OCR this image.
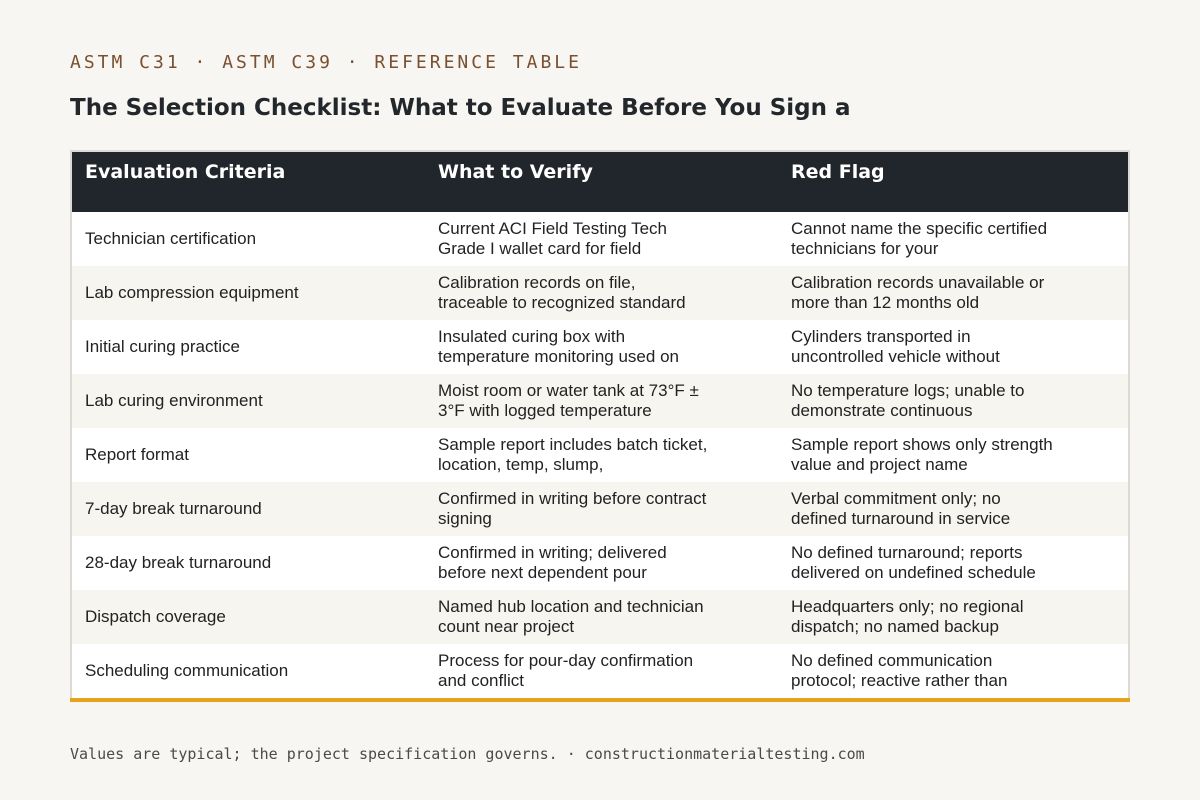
ASTM C31 · ASTM C39 · REFERENCE TABLE
The Selection Checklist: What to Evaluate Before You Sign a
Evaluation Criteria	What to Verify	Red Flag

Technician certification	Current ACI Field Testing Tech Grade I wallet card for field	Cannot name the specific certified technicians for your

Lab compression equipment	Calibration records on file, traceable to recognized standard	Calibration records unavailable or more than 12 months old

Initial curing practice	Insulated curing box with temperature monitoring used on	Cylinders transported in uncontrolled vehicle without

Lab curing environment	Moist room or water tank at 73°F ± 3°F with logged temperature	No temperature logs; unable to demonstrate continuous

Report format	Sample report includes batch ticket, location, temp, slump,	Sample report shows only strength value and project name

7-day break turnaround	Confirmed in writing before contract signing	Verbal commitment only; no defined turnaround in service

28-day break turnaround	Confirmed in writing; delivered before next dependent pour	No defined turnaround; reports delivered on undefined schedule

Dispatch coverage	Named hub location and technician count near project	Headquarters only; no regional dispatch; no named backup

Scheduling communication	Process for pour-day confirmation and conflict	No defined communication protocol; reactive rather than
Values are typical; the project specification governs. · constructionmaterialtesting.com
